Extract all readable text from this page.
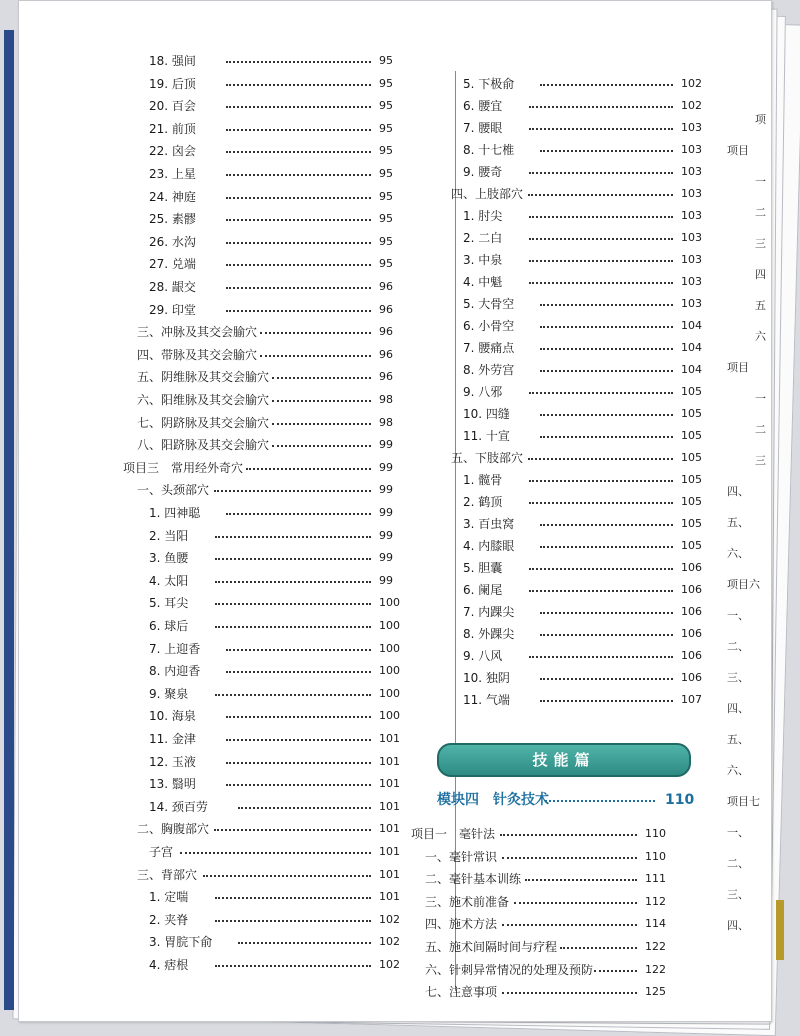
18. 强间	95
19. 后顶	95
20. 百会	95
21. 前顶	95
22. 囟会	95
23. 上星	95
24. 神庭	95
25. 素髎	95
26. 水沟	95
27. 兑端	95
28. 龈交	96
29. 印堂	96
三、冲脉及其交会腧穴	96
四、带脉及其交会腧穴	96
五、阴维脉及其交会腧穴	96
六、阳维脉及其交会腧穴	98
七、阴跻脉及其交会腧穴	98
八、阳跻脉及其交会腧穴	99
项目三　常用经外奇穴	99
一、头颈部穴	99
1. 四神聪	99
2. 当阳	99
3. 鱼腰	99
4. 太阳	99
5. 耳尖	100
6. 球后	100
7. 上迎香	100
8. 内迎香	100
9. 聚泉	100
10. 海泉	100
11. 金津	101
12. 玉液	101
13. 翳明	101
14. 颈百劳	101
二、胸腹部穴	101
子宫	101
三、背部穴	101
1. 定喘	101
2. 夹脊	102
3. 胃脘下俞	102
4. 痞根	102
5. 下极俞	102
6. 腰宜	102
7. 腰眼	103
8. 十七椎	103
9. 腰奇	103
四、上肢部穴	103
1. 肘尖	103
2. 二白	103
3. 中泉	103
4. 中魁	103
5. 大骨空	103
6. 小骨空	104
7. 腰痛点	104
8. 外劳宫	104
9. 八邪	105
10. 四缝	105
11. 十宣	105
五、下肢部穴	105
1. 髋骨	105
2. 鹤顶	105
3. 百虫窝	105
4. 内膝眼	105
5. 胆囊	106
6. 阑尾	106
7. 内踝尖	106
8. 外踝尖	106
9. 八风	106
10. 独阴	106
11. 气端	107
技能篇
模块四　针灸技术	110
项目一　毫针法	110
一、毫针常识	110
二、毫针基本训练	111
三、施术前准备	112
四、施术方法	114
五、施术间隔时间与疗程	122
六、针刺异常情况的处理及预防	122
七、注意事项	125
项
项目
一
二
三
四
五
六
项目
一
二
三
四、
五、
六、
项目六
一、
二、
三、
四、
五、
六、
项目七
一、
二、
三、
四、
